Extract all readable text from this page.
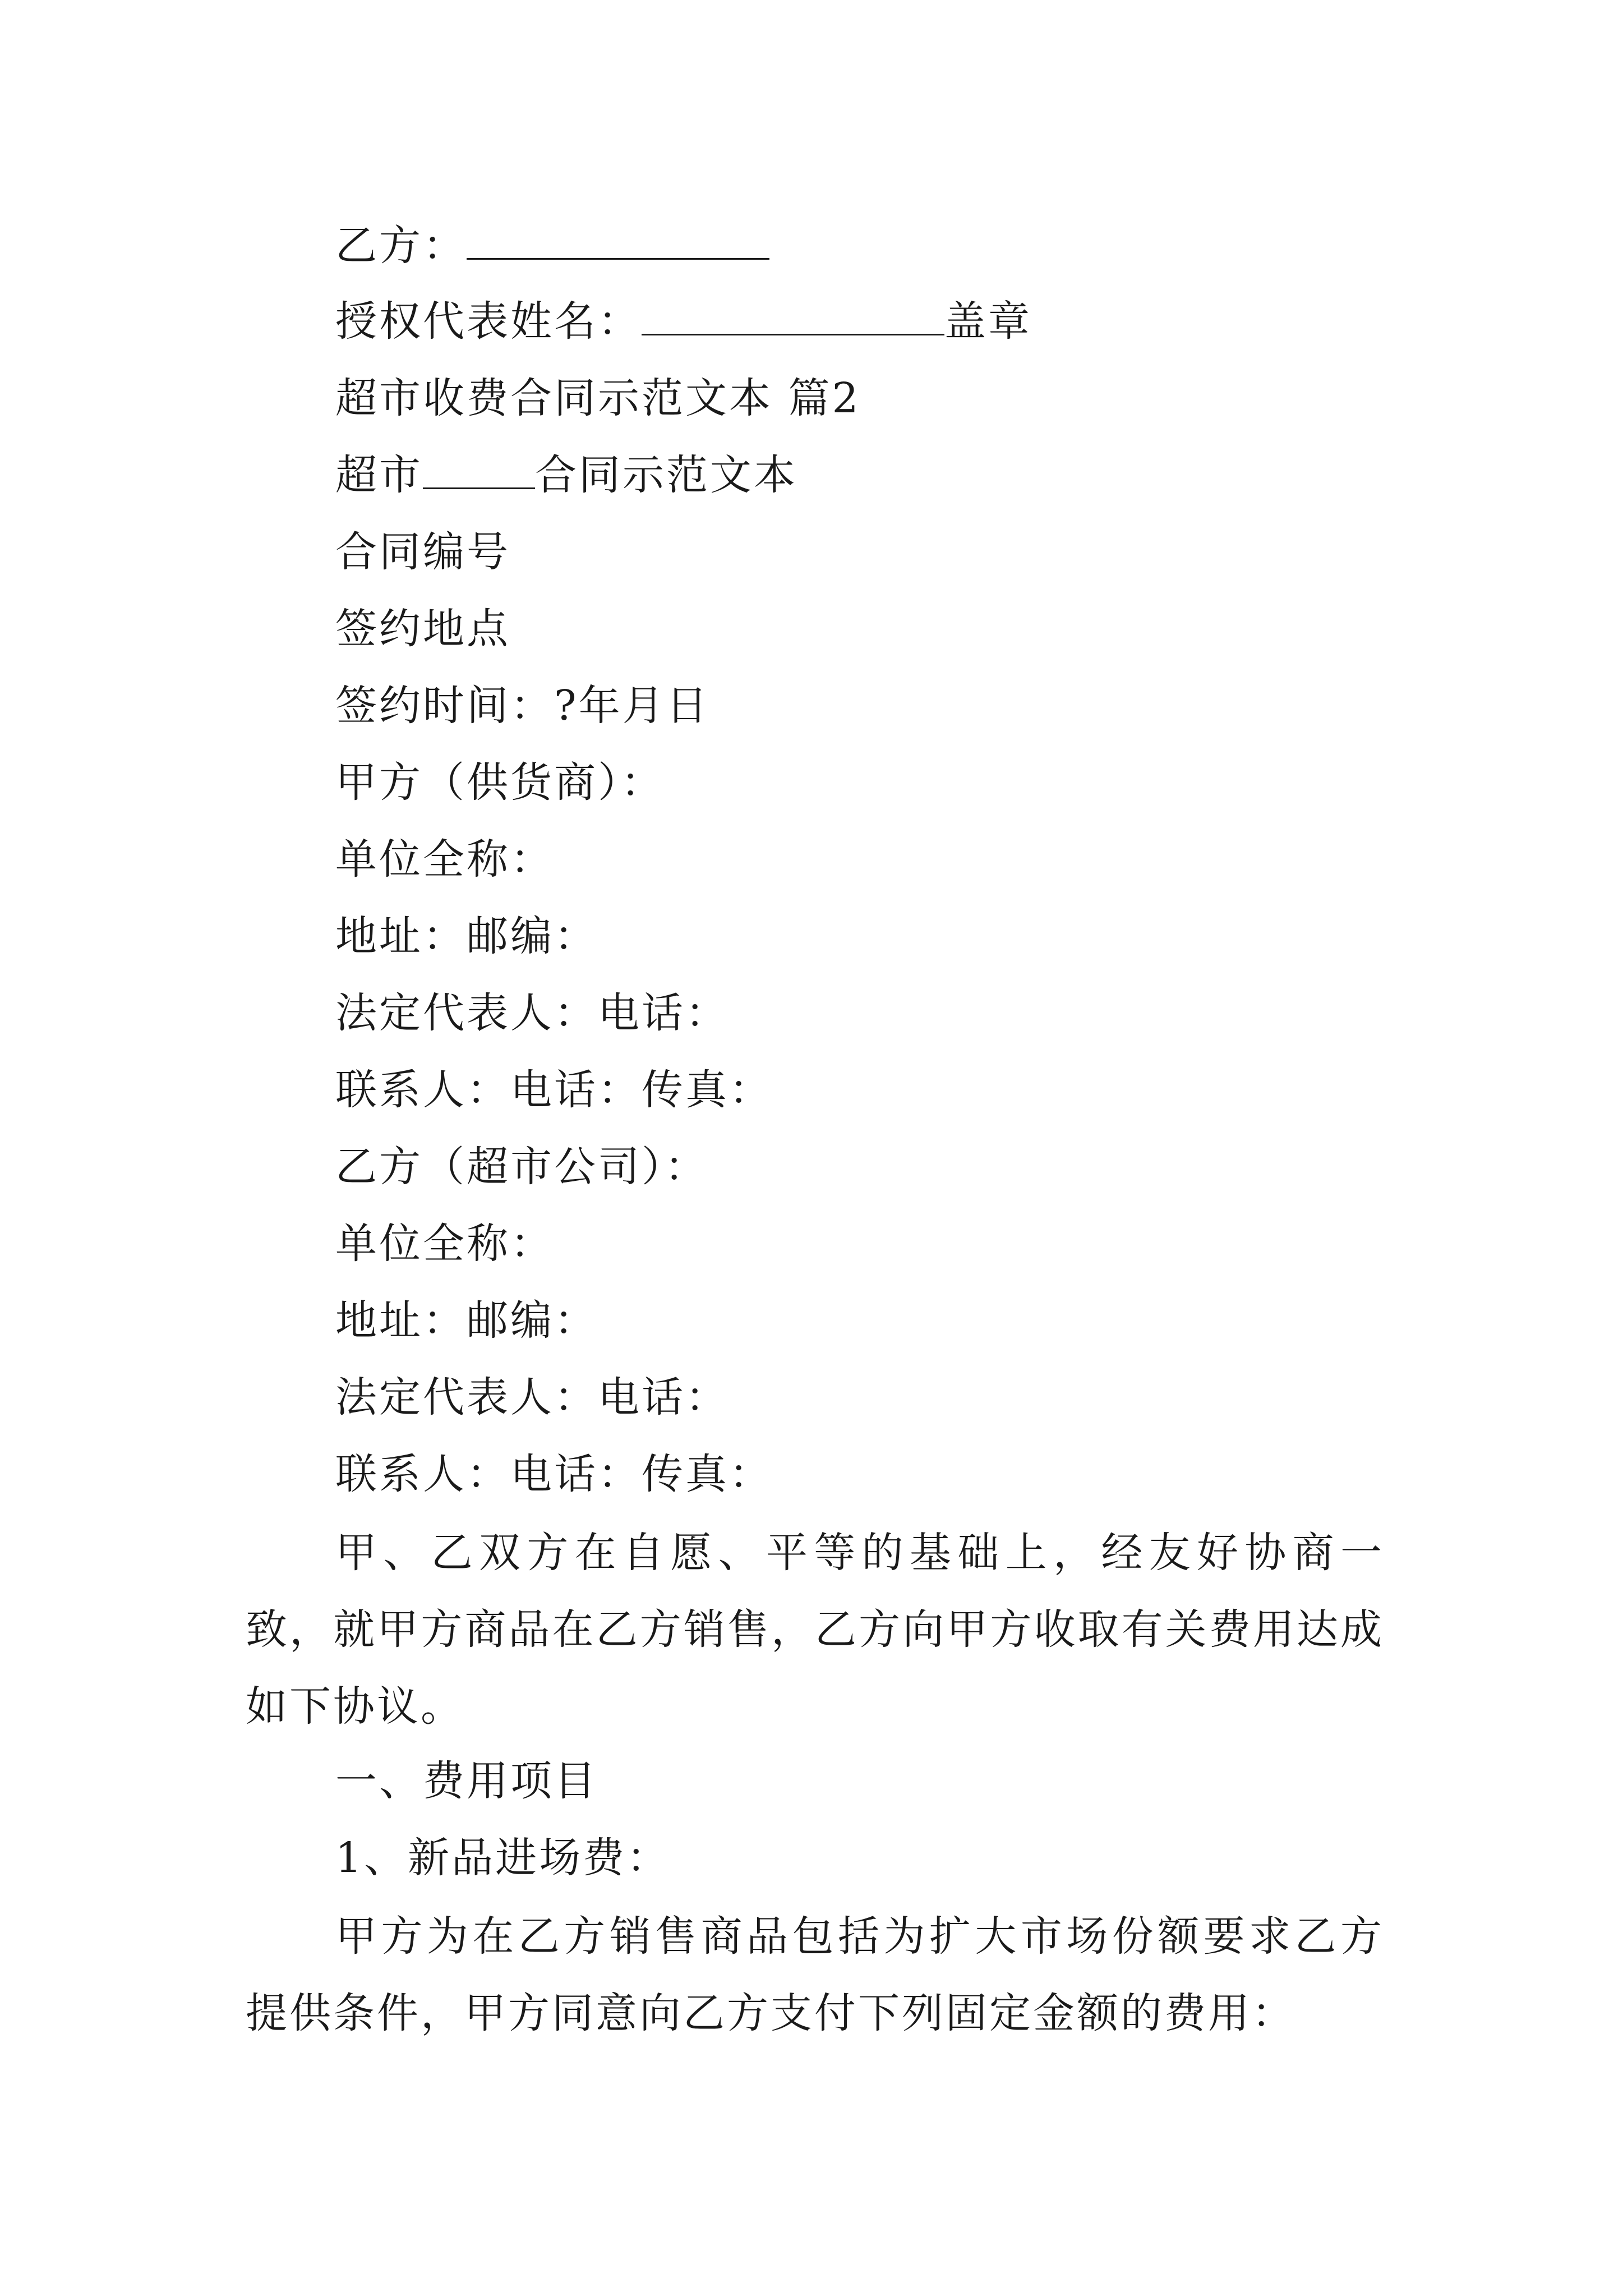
乙方：
授权代表姓名：	盖章
超市收费合同示范文本 篇2
超市	合同示范文本
合同编号
签约地点
签约时间：?年月日
甲方（供货商）：
单位全称：
地址：邮编：
法定代表人：电话：
联系人：电话：传真：
乙方（超市公司）：
单位全称：
地址：邮编：
法定代表人：电话：
联系人：电话：传真：
甲、乙双方在自愿、平等的基础上，经友好协商一致，就甲方商品在乙方销售，乙方向甲方收取有关费用达成如下协议。
一、费用项目
1、新品进场费：
甲方为在乙方销售商品包括为扩大市场份额要求乙方提供条件，甲方同意向乙方支付下列固定金额的费用：
